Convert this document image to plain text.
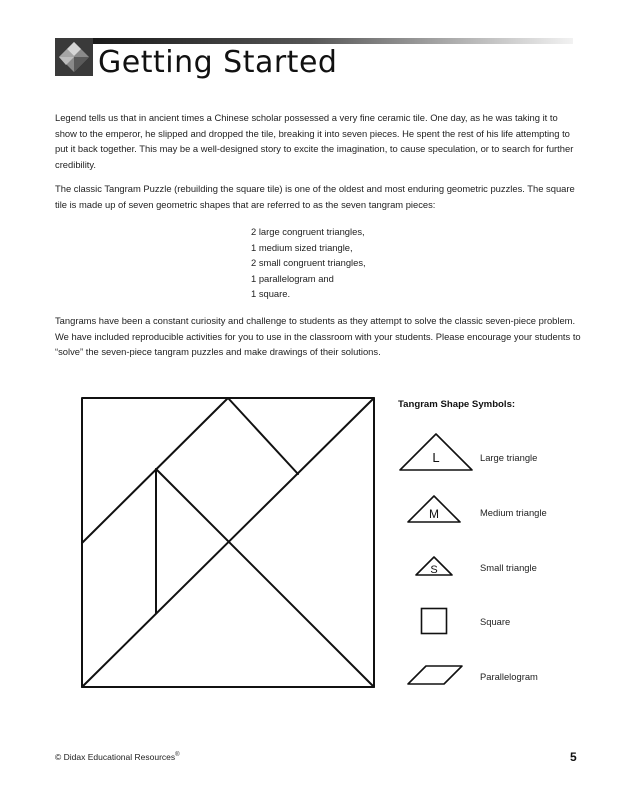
Getting Started

Legend tells us that in ancient times a Chinese scholar possessed a very fine ceramic tile. One day, as he was taking it to show to the emperor, he slipped and dropped the tile, breaking it into seven pieces. He spent the rest of his life attempting to put it back together. This may be a well-designed story to excite the imagination, to cause speculation, or to search for further credibility.

The classic Tangram Puzzle (rebuilding the square tile) is one of the oldest and most enduring geometric puzzles. The square tile is made up of seven geometric shapes that are referred to as the seven tangram pieces:

2 large congruent triangles,
1 medium sized triangle,
2 small congruent triangles,
1 parallelogram and
1 square.

Tangrams have been a constant curiosity and challenge to students as they attempt to solve the classic seven-piece problem. We have included reproducible activities for you to use in the classroom with your students. Please encourage your students to “solve” the seven-piece tangram puzzles and make drawings of their solutions.

Tangram Shape Symbols:
L	Large triangle
M	Medium triangle
S	Small triangle
Square
Parallelogram
© Didax Educational Resources®	5
